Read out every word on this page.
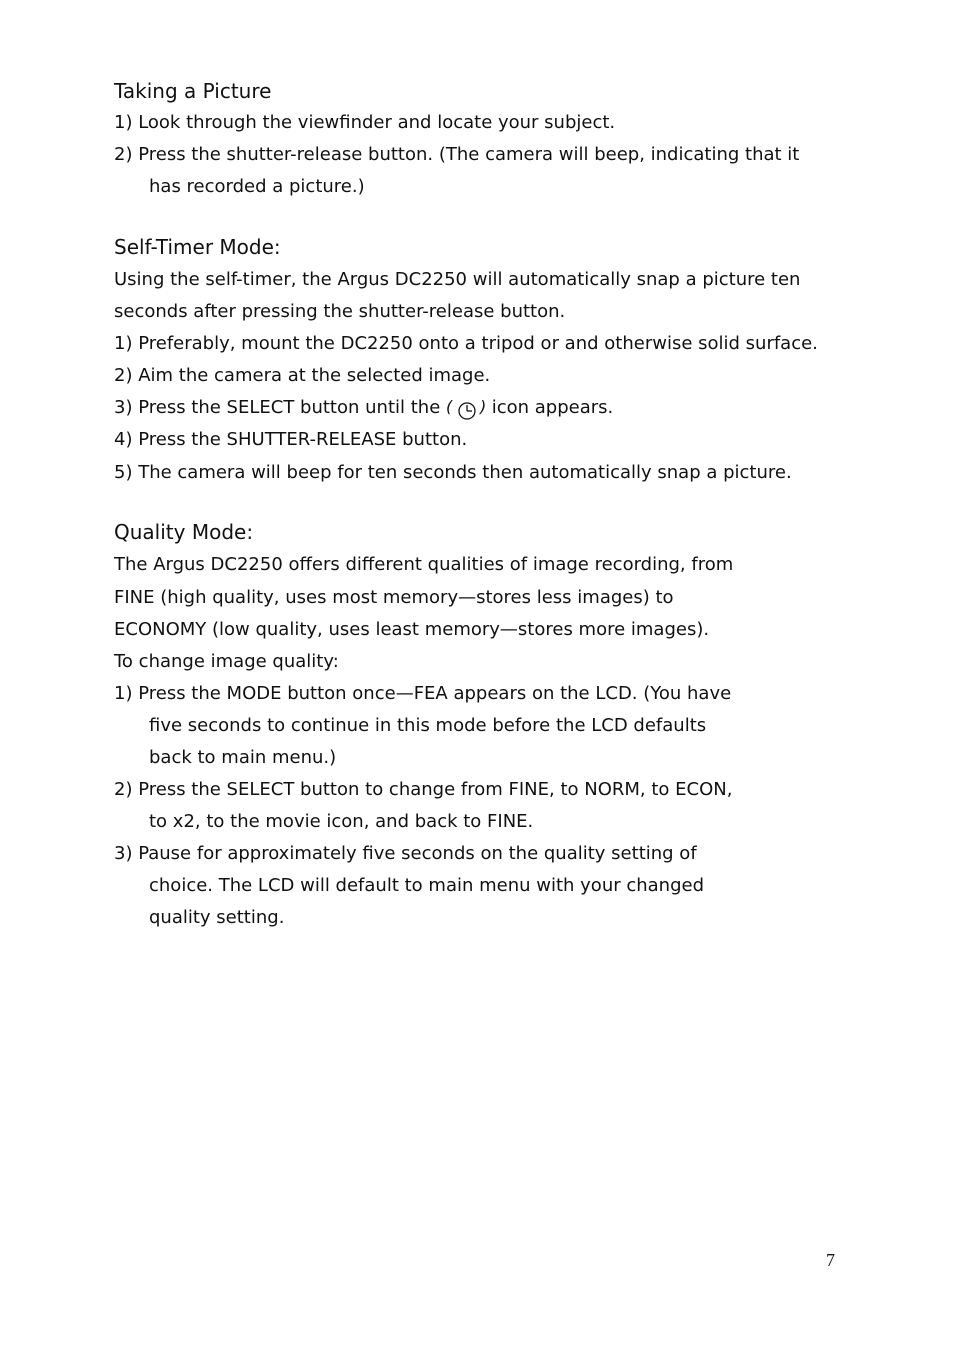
Taking a Picture

1) Look through the viewfinder and locate your subject.

2) Press the shutter-release button. (The camera will beep, indicating that it

has recorded a picture.)

Self-Timer Mode:

Using the self-timer, the Argus DC2250 will automatically snap a picture ten

seconds after pressing the shutter-release button.

1) Preferably, mount the DC2250 onto a tripod or and otherwise solid surface.

2) Aim the camera at the selected image.

3) Press the SELECT button until the ( ) icon appears.

4) Press the SHUTTER-RELEASE button.

5) The camera will beep for ten seconds then automatically snap a picture.

Quality Mode:

The Argus DC2250 offers different qualities of image recording, from

FINE (high quality, uses most memory—stores less images) to

ECONOMY (low quality, uses least memory—stores more images).

To change image quality:

1) Press the MODE button once—FEA appears on the LCD. (You have

five seconds to continue in this mode before the LCD defaults

back to main menu.)

2) Press the SELECT button to change from FINE, to NORM, to ECON,

to x2, to the movie icon, and back to FINE.

3) Pause for approximately five seconds on the quality setting of

choice. The LCD will default to main menu with your changed

quality setting.

7
